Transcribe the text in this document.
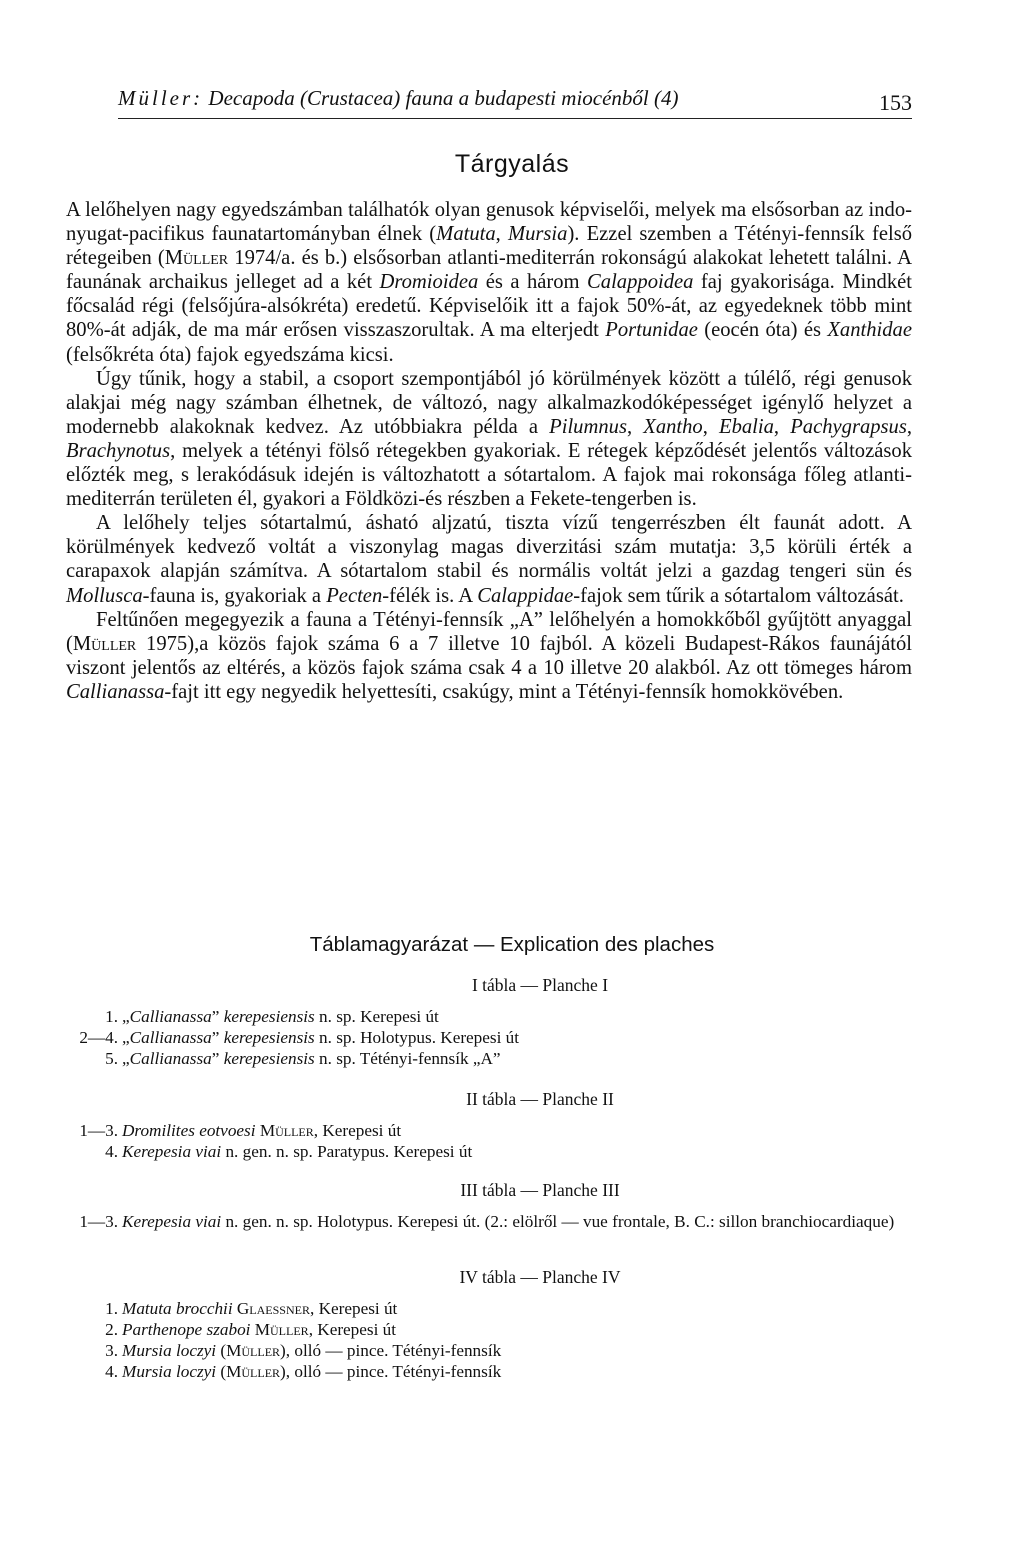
Müller: Decapoda (Crustacea) fauna a budapesti miocénből (4)	153
Tárgyalás

A lelőhelyen nagy egyedszámban találhatók olyan genusok képviselői, melyek ma elsősorban az indo-nyugat-pacifikus faunatartományban élnek (Matuta, Mursia). Ezzel szemben a Tétényi-fennsík felső rétegeiben (Müller 1974/a. és b.) elsősorban atlanti-mediterrán rokonságú alakokat lehetett találni. A faunának archaikus jelleget ad a két Dromioidea és a három Calappoidea faj gyakorisága. Mindkét főcsalád régi (felsőjúra-alsókréta) eredetű. Képviselőik itt a fajok 50%-át, az egyedeknek több mint 80%-át adják, de ma már erősen visszaszorultak. A ma elterjedt Portunidae (eocén óta) és Xanthidae (felsőkréta óta) fajok egyedszáma kicsi.

Úgy tűnik, hogy a stabil, a csoport szempontjából jó körülmények között a túlélő, régi genusok alakjai még nagy számban élhetnek, de változó, nagy alkalmazkodóképességet igénylő helyzet a modernebb alakoknak kedvez. Az utóbbiakra példa a Pilumnus, Xantho, Ebalia, Pachygrapsus, Brachynotus, melyek a tétényi fölső rétegekben gyakoriak. E rétegek képződését jelentős változások előzték meg, s lerakódásuk idején is változhatott a sótartalom. A fajok mai rokonsága főleg atlanti-mediterrán területen él, gyakori a Földközi-és részben a Fekete-tengerben is.

A lelőhely teljes sótartalmú, ásható aljzatú, tiszta vízű tengerrészben élt faunát adott. A körülmények kedvező voltát a viszonylag magas diverzitási szám mutatja: 3,5 körüli érték a carapaxok alapján számítva. A sótartalom stabil és normális voltát jelzi a gazdag tengeri sün és Mollusca-fauna is, gyakoriak a Pecten-félék is. A Calappidae-fajok sem tűrik a sótartalom változását.

Feltűnően megegyezik a fauna a Tétényi-fennsík „A” lelőhelyén a homokkőből gyűjtött anyaggal (Müller 1975),a közös fajok száma 6 a 7 illetve 10 fajból. A közeli Budapest-Rákos faunájától viszont jelentős az eltérés, a közös fajok száma csak 4 a 10 illetve 20 alakból. Az ott tömeges három Callianassa-fajt itt egy negyedik helyettesíti, csakúgy, mint a Tétényi-fennsík homokkövében.

Táblamagyarázat — Explication des plaches
I tábla — Planche I
1. „Callianassa” kerepesiensis n. sp. Kerepesi út
2—4. „Callianassa” kerepesiensis n. sp. Holotypus. Kerepesi út
5. „Callianassa” kerepesiensis n. sp. Tétényi-fennsík „A”
II tábla — Planche II
1—3. Dromilites eotvoesi Müller, Kerepesi út
4. Kerepesia viai n. gen. n. sp. Paratypus. Kerepesi út
III tábla — Planche III
1—3. Kerepesia viai n. gen. n. sp. Holotypus. Kerepesi út. (2.: elölről — vue frontale, B. C.: sillon branchiocardiaque)
IV tábla — Planche IV
1. Matuta brocchii Glaessner, Kerepesi út
2. Parthenope szaboi Müller, Kerepesi út
3. Mursia loczyi (Müller), olló — pince. Tétényi-fennsík
4. Mursia loczyi (Müller), olló — pince. Tétényi-fennsík
